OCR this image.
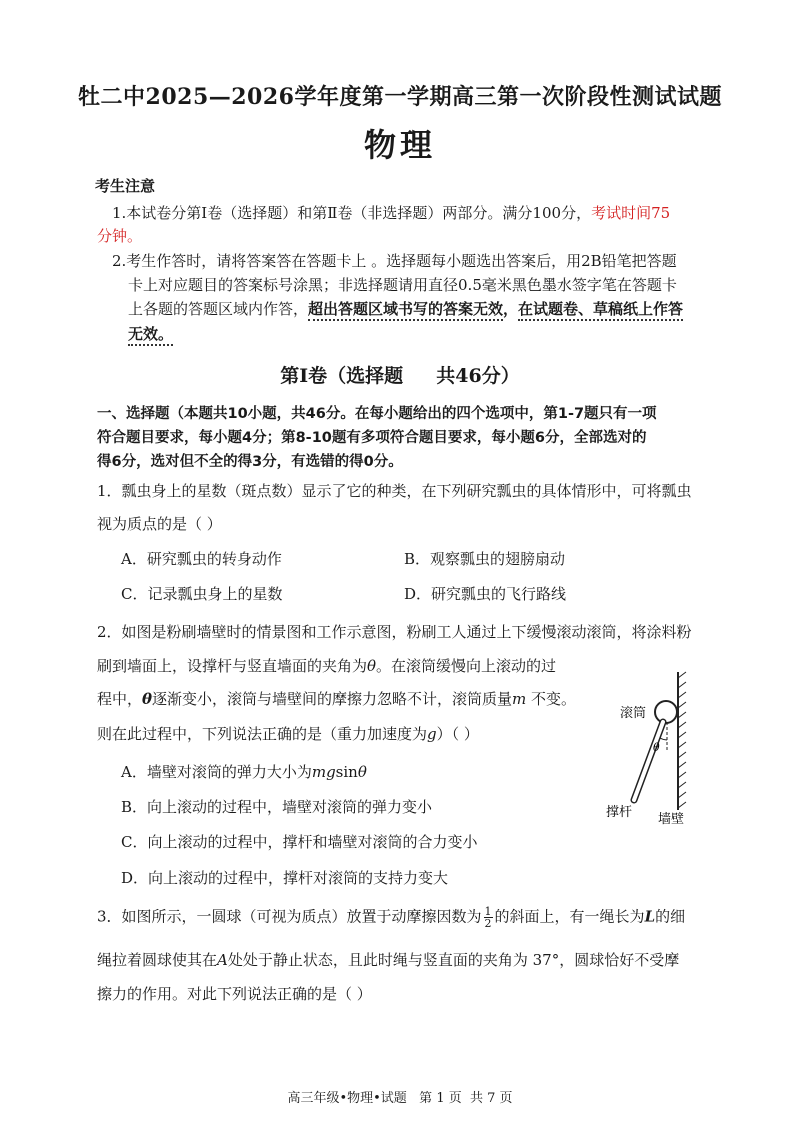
牡二中2025—2026学年度第一学期高三第一次阶段性测试试题
物理
考生注意
1.本试卷分第Ⅰ卷（选择题）和第Ⅱ卷（非选择题）两部分。满分100分，考试时间75
分钟。
2.考生作答时，请将答案答在答题卡上 。选择题每小题选出答案后，用2B铅笔把答题
卡上对应题目的答案标号涂黑；非选择题请用直径0.5毫米黑色墨水签字笔在答题卡
上各题的答题区域内作答，超出答题区域书写的答案无效，在试题卷、草稿纸上作答
无效。
第Ⅰ卷（选择题     共46分）
一、选择题（本题共10小题，共46分。在每小题给出的四个选项中，第1-7题只有一项
符合题目要求，每小题4分；第8-10题有多项符合题目要求，每小题6分，全部选对的
得6分，选对但不全的得3分，有选错的得0分。
1．瓢虫身上的星数（斑点数）显示了它的种类，在下列研究瓢虫的具体情形中，可将瓢虫
视为质点的是（ ）
A．研究瓢虫的转身动作	B．观察瓢虫的翅膀扇动
C．记录瓢虫身上的星数	D．研究瓢虫的飞行路线
2．如图是粉刷墙壁时的情景图和工作示意图，粉刷工人通过上下缓慢滚动滚筒，将涂料粉
刷到墙面上，设撑杆与竖直墙面的夹角为θ。在滚筒缓慢向上滚动的过
程中，θ逐渐变小，滚筒与墙壁间的摩擦力忽略不计，滚筒质量m 不变。
则在此过程中，下列说法正确的是（重力加速度为g）（ ）
A．墙壁对滚筒的弹力大小为mgsinθ
B．向上滚动的过程中，墙壁对滚筒的弹力变小
C．向上滚动的过程中，撑杆和墙壁对滚筒的合力变小
D．向上滚动的过程中，撑杆对滚筒的支持力变大
θ
滚筒
撑杆 墙壁
3．如图所示，一圆球（可视为质点）放置于动摩擦因数为 $\frac{1}{2}$ 的斜面上，有一绳长为L的细
绳拉着圆球使其在A处处于静止状态，且此时绳与竖直面的夹角为 37°，圆球恰好不受摩
擦力的作用。对此下列说法正确的是（ ）
高三年级•物理•试题   第 1 页  共 7 页
